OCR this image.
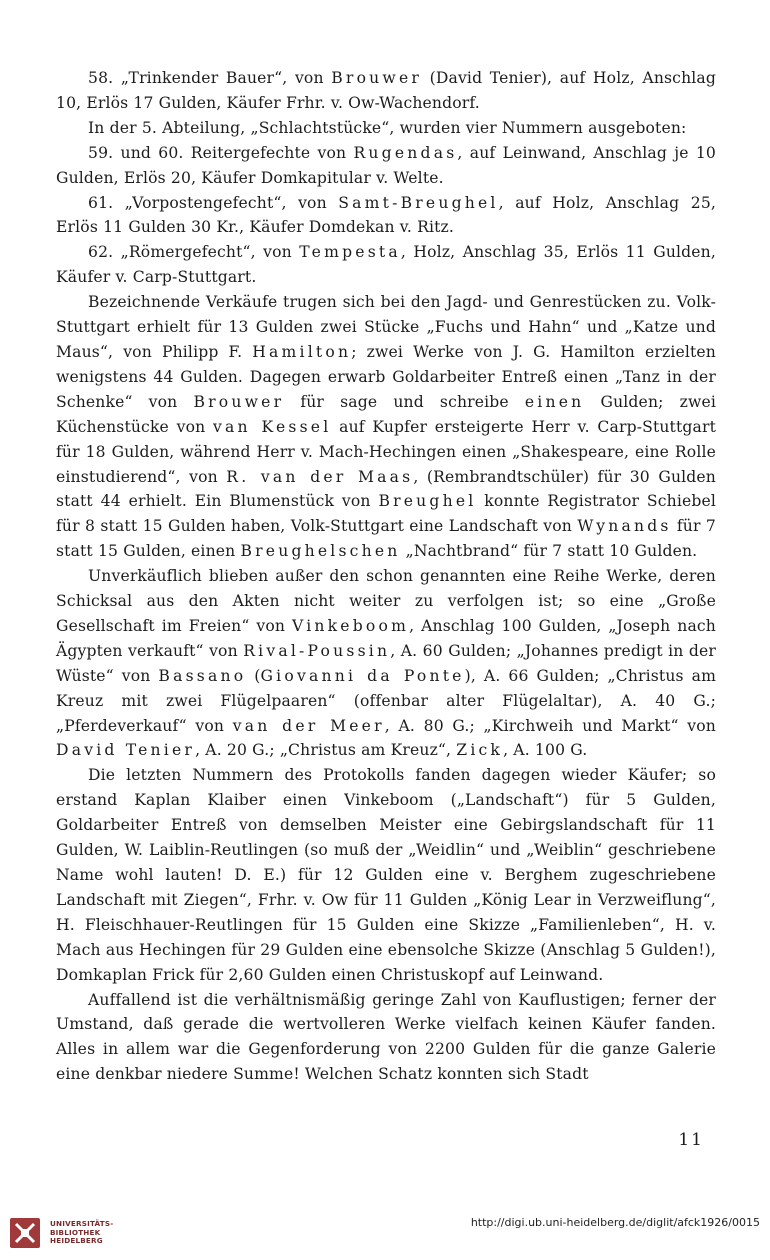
58. „Trinkender Bauer“, von Brouwer (David Tenier), auf Holz, Anschlag 10, Erlös 17 Gulden, Käufer Frhr. v. Ow-Wachendorf.

In der 5. Abteilung, „Schlachtstücke“, wurden vier Nummern ausgeboten:

59. und 60. Reitergefechte von Rugendas, auf Leinwand, Anschlag je 10 Gulden, Erlös 20, Käufer Domkapitular v. Welte.

61. „Vorpostengefecht“, von Samt-Breughel, auf Holz, Anschlag 25, Erlös 11 Gulden 30 Kr., Käufer Domdekan v. Ritz.

62. „Römergefecht“, von Tempesta, Holz, Anschlag 35, Erlös 11 Gulden, Käufer v. Carp-Stuttgart.

Bezeichnende Verkäufe trugen sich bei den Jagd- und Genrestücken zu. Volk-Stuttgart erhielt für 13 Gulden zwei Stücke „Fuchs und Hahn“ und „Katze und Maus“, von Philipp F. Hamilton; zwei Werke von J. G. Hamilton erzielten wenigstens 44 Gulden. Dagegen erwarb Goldarbeiter Entreß einen „Tanz in der Schenke“ von Brouwer für sage und schreibe einen Gulden; zwei Küchenstücke von van Kessel auf Kupfer ersteigerte Herr v. Carp-Stuttgart für 18 Gulden, während Herr v. Mach-Hechingen einen „Shakespeare, eine Rolle einstudierend“, von R. van der Maas, (Rembrandtschüler) für 30 Gulden statt 44 erhielt. Ein Blumenstück von Breughel konnte Registrator Schiebel für 8 statt 15 Gulden haben, Volk-Stuttgart eine Landschaft von Wynands für 7 statt 15 Gulden, einen Breughelschen „Nachtbrand“ für 7 statt 10 Gulden.

Unverkäuflich blieben außer den schon genannten eine Reihe Werke, deren Schicksal aus den Akten nicht weiter zu verfolgen ist; so eine „Große Gesellschaft im Freien“ von Vinkeboom, Anschlag 100 Gulden, „Joseph nach Ägypten verkauft“ von Rival-Poussin, A. 60 Gulden; „Johannes predigt in der Wüste“ von Bassano (Giovanni da Ponte), A. 66 Gulden; „Christus am Kreuz mit zwei Flügelpaaren“ (offenbar alter Flügelaltar), A. 40 G.; „Pferdeverkauf“ von van der Meer, A. 80 G.; „Kirchweih und Markt“ von David Tenier, A. 20 G.; „Christus am Kreuz“, Zick, A. 100 G.

Die letzten Nummern des Protokolls fanden dagegen wieder Käufer; so erstand Kaplan Klaiber einen Vinkeboom („Landschaft“) für 5 Gulden, Goldarbeiter Entreß von demselben Meister eine Gebirgslandschaft für 11 Gulden, W. Laiblin-Reutlingen (so muß der „Weidlin“ und „Weiblin“ geschriebene Name wohl lauten! D. E.) für 12 Gulden eine v. Berghem zugeschriebene Landschaft mit Ziegen“, Frhr. v. Ow für 11 Gulden „König Lear in Verzweiflung“, H. Fleischhauer-Reutlingen für 15 Gulden eine Skizze „Familienleben“, H. v. Mach aus Hechingen für 29 Gulden eine ebensolche Skizze (Anschlag 5 Gulden!), Domkaplan Frick für 2,60 Gulden einen Christuskopf auf Leinwand.

Auffallend ist die verhältnismäßig geringe Zahl von Kauflustigen; ferner der Umstand, daß gerade die wertvolleren Werke vielfach keinen Käufer fanden. Alles in allem war die Gegenforderung von 2200 Gulden für die ganze Galerie eine denkbar niedere Summe! Welchen Schatz konnten sich Stadt

11
UNIVERSITÄTS-
BIBLIOTHEK
HEIDELBERG
http://digi.ub.uni-heidelberg.de/diglit/afck1926/0015
